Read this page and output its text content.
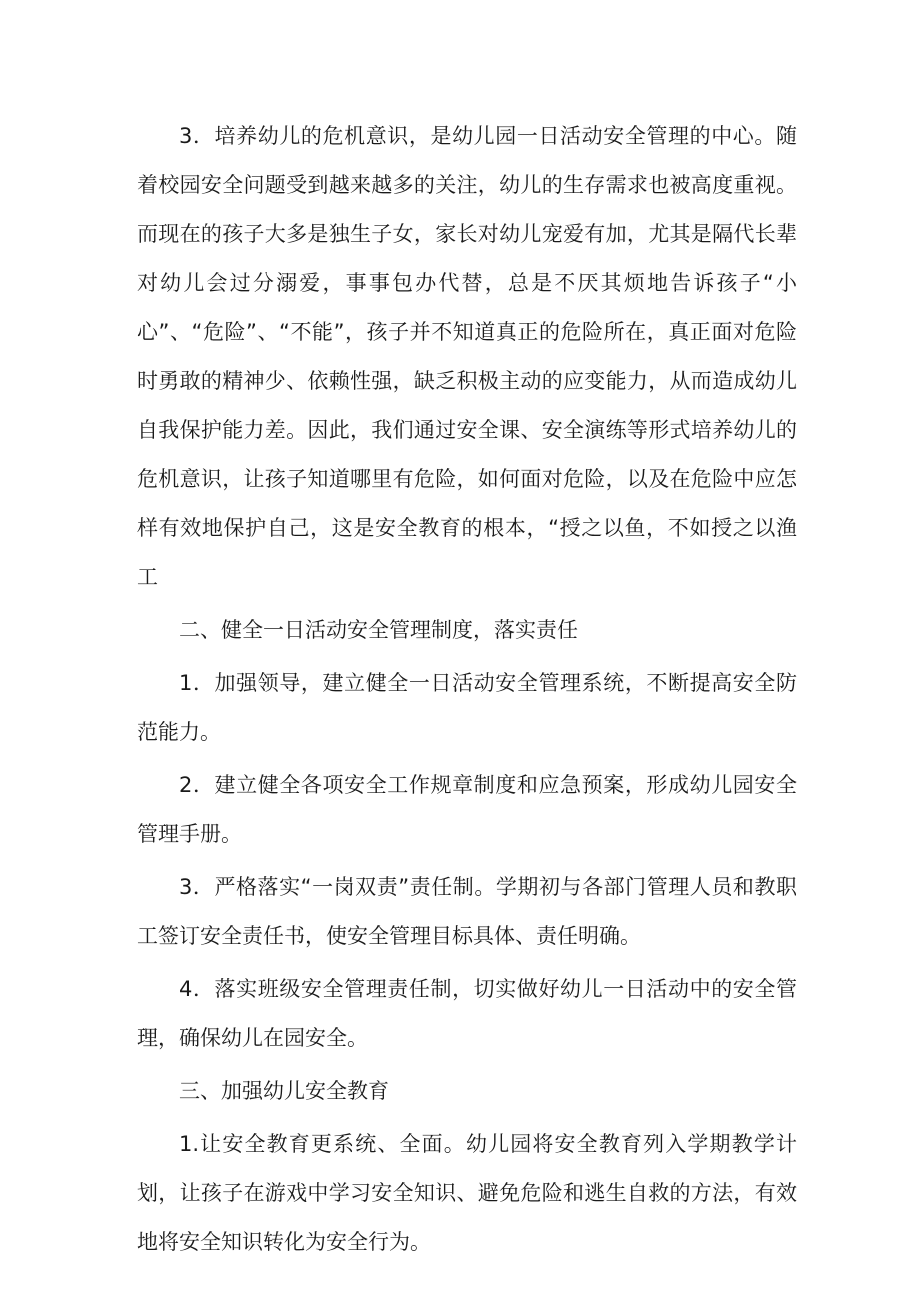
3．培养幼儿的危机意识，是幼儿园一日活动安全管理的中心。随着校园安全问题受到越来越多的关注，幼儿的生存需求也被高度重视。而现在的孩子大多是独生子女，家长对幼儿宠爱有加，尤其是隔代长辈对幼儿会过分溺爱，事事包办代替，总是不厌其烦地告诉孩子“小心”、“危险”、“不能”，孩子并不知道真正的危险所在，真正面对危险时勇敢的精神少、依赖性强，缺乏积极主动的应变能力，从而造成幼儿自我保护能力差。因此，我们通过安全课、安全演练等形式培养幼儿的危机意识，让孩子知道哪里有危险，如何面对危险，以及在危险中应怎样有效地保护自己，这是安全教育的根本，“授之以鱼，不如授之以渔工

二、健全一日活动安全管理制度，落实责任

1．加强领导，建立健全一日活动安全管理系统，不断提高安全防范能力。

2．建立健全各项安全工作规章制度和应急预案，形成幼儿园安全管理手册。

3．严格落实“一岗双责”责任制。学期初与各部门管理人员和教职工签订安全责任书，使安全管理目标具体、责任明确。

4．落实班级安全管理责任制，切实做好幼儿一日活动中的安全管理，确保幼儿在园安全。

三、加强幼儿安全教育

1.让安全教育更系统、全面。幼儿园将安全教育列入学期教学计划，让孩子在游戏中学习安全知识、避免危险和逃生自救的方法，有效地将安全知识转化为安全行为。
